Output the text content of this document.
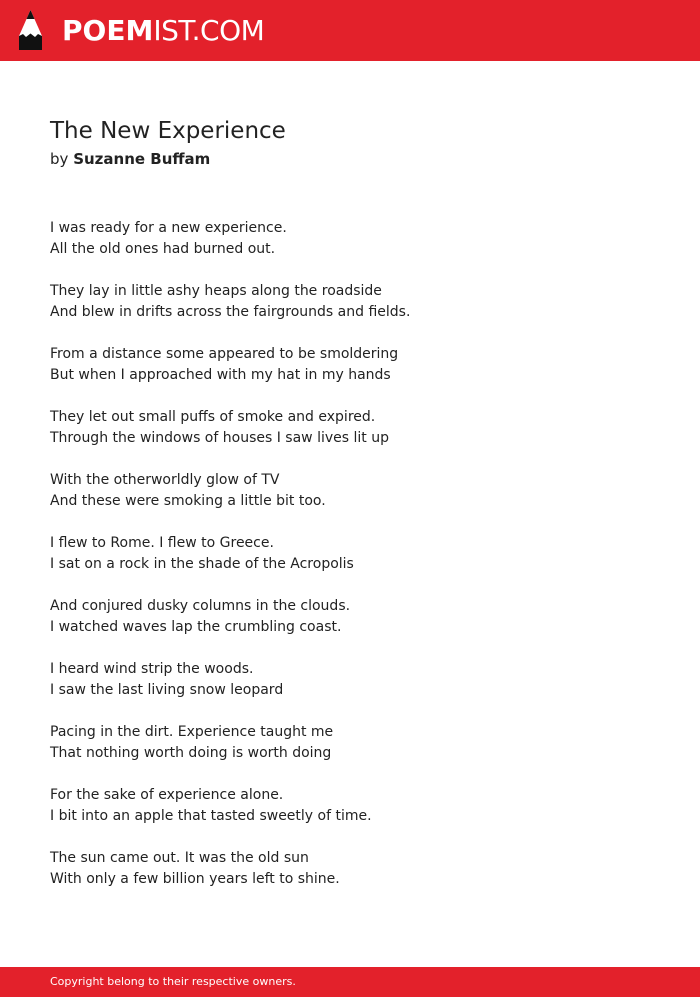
POEMIST.COM
The New Experience
by Suzanne Buffam
I was ready for a new experience.
All the old ones had burned out.
They lay in little ashy heaps along the roadside
And blew in drifts across the fairgrounds and fields.
From a distance some appeared to be smoldering
But when I approached with my hat in my hands
They let out small puffs of smoke and expired.
Through the windows of houses I saw lives lit up
With the otherworldly glow of TV
And these were smoking a little bit too.
I flew to Rome. I flew to Greece.
I sat on a rock in the shade of the Acropolis
And conjured dusky columns in the clouds.
I watched waves lap the crumbling coast.
I heard wind strip the woods.
I saw the last living snow leopard
Pacing in the dirt. Experience taught me
That nothing worth doing is worth doing
For the sake of experience alone.
I bit into an apple that tasted sweetly of time.
The sun came out. It was the old sun
With only a few billion years left to shine.
Copyright belong to their respective owners.
